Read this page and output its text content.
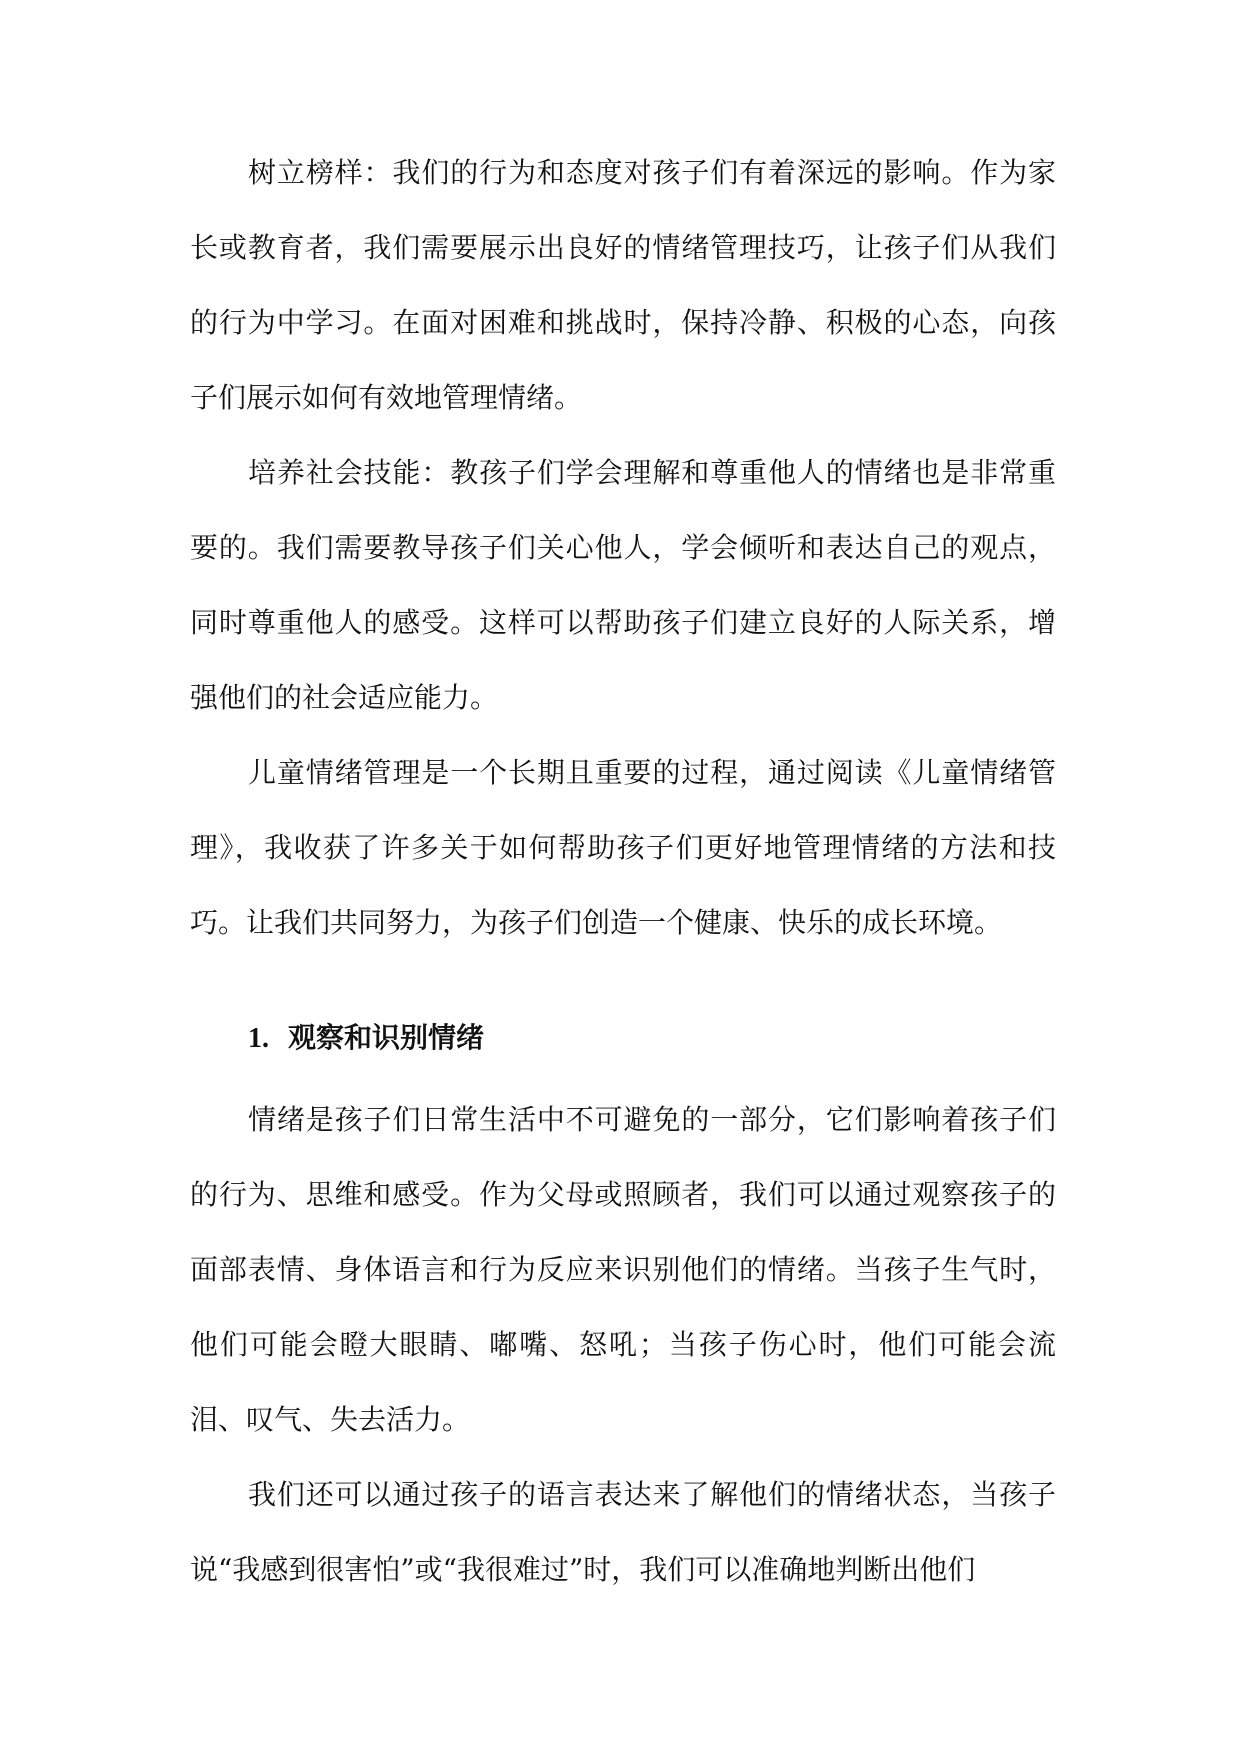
树立榜样：我们的行为和态度对孩子们有着深远的影响。作为家长或教育者，我们需要展示出良好的情绪管理技巧，让孩子们从我们的行为中学习。在面对困难和挑战时，保持冷静、积极的心态，向孩子们展示如何有效地管理情绪。

培养社会技能：教孩子们学会理解和尊重他人的情绪也是非常重要的。我们需要教导孩子们关心他人，学会倾听和表达自己的观点，同时尊重他人的感受。这样可以帮助孩子们建立良好的人际关系，增强他们的社会适应能力。

儿童情绪管理是一个长期且重要的过程，通过阅读《儿童情绪管理》，我收获了许多关于如何帮助孩子们更好地管理情绪的方法和技巧。让我们共同努力，为孩子们创造一个健康、快乐的成长环境。

1. 观察和识别情绪

情绪是孩子们日常生活中不可避免的一部分，它们影响着孩子们的行为、思维和感受。作为父母或照顾者，我们可以通过观察孩子的面部表情、身体语言和行为反应来识别他们的情绪。当孩子生气时，他们可能会瞪大眼睛、嘟嘴、怒吼；当孩子伤心时，他们可能会流泪、叹气、失去活力。

我们还可以通过孩子的语言表达来了解他们的情绪状态，当孩子说“我感到很害怕”或“我很难过”时，我们可以准确地判断出他们
